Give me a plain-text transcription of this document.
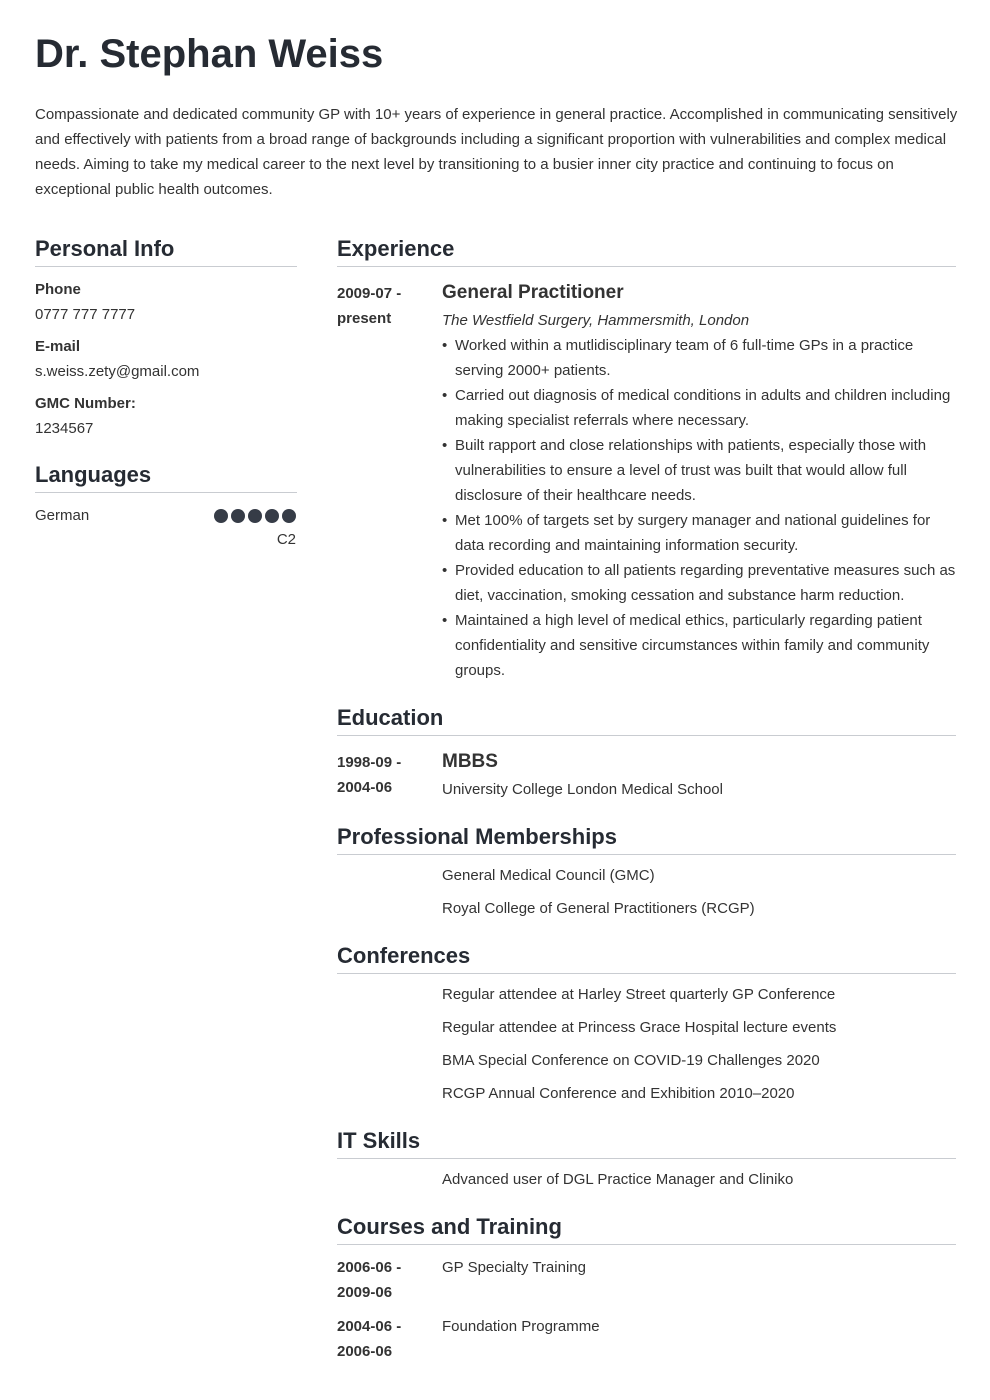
Dr. Stephan Weiss
Compassionate and dedicated community GP with 10+ years of experience in general practice. Accomplished in communicating sensitively and effectively with patients from a broad range of backgrounds including a significant proportion with vulnerabilities and complex medical needs. Aiming to take my medical career to the next level by transitioning to a busier inner city practice and continuing to focus on exceptional public health outcomes.
Personal Info
Phone
0777 777 7777
E-mail
s.weiss.zety@gmail.com
GMC Number:
1234567
Languages
German
C2
Experience
2009-07 - present
General Practitioner
The Westfield Surgery, Hammersmith, London
• Worked within a mutlidisciplinary team of 6 full-time GPs in a practice serving 2000+ patients.
• Carried out diagnosis of medical conditions in adults and children including making specialist referrals where necessary.
• Built rapport and close relationships with patients, especially those with vulnerabilities to ensure a level of trust was built that would allow full disclosure of their healthcare needs.
• Met 100% of targets set by surgery manager and national guidelines for data recording and maintaining information security.
• Provided education to all patients regarding preventative measures such as diet, vaccination, smoking cessation and substance harm reduction.
• Maintained a high level of medical ethics, particularly regarding patient confidentiality and sensitive circumstances within family and community groups.
Education
1998-09 - 2004-06
MBBS
University College London Medical School
Professional Memberships
General Medical Council (GMC)
Royal College of General Practitioners (RCGP)
Conferences
Regular attendee at Harley Street quarterly GP Conference
Regular attendee at Princess Grace Hospital lecture events
BMA Special Conference on COVID-19 Challenges 2020
RCGP Annual Conference and Exhibition 2010–2020
IT Skills
Advanced user of DGL Practice Manager and Cliniko
Courses and Training
2006-06 - 2009-06
GP Specialty Training
2004-06 - 2006-06
Foundation Programme
